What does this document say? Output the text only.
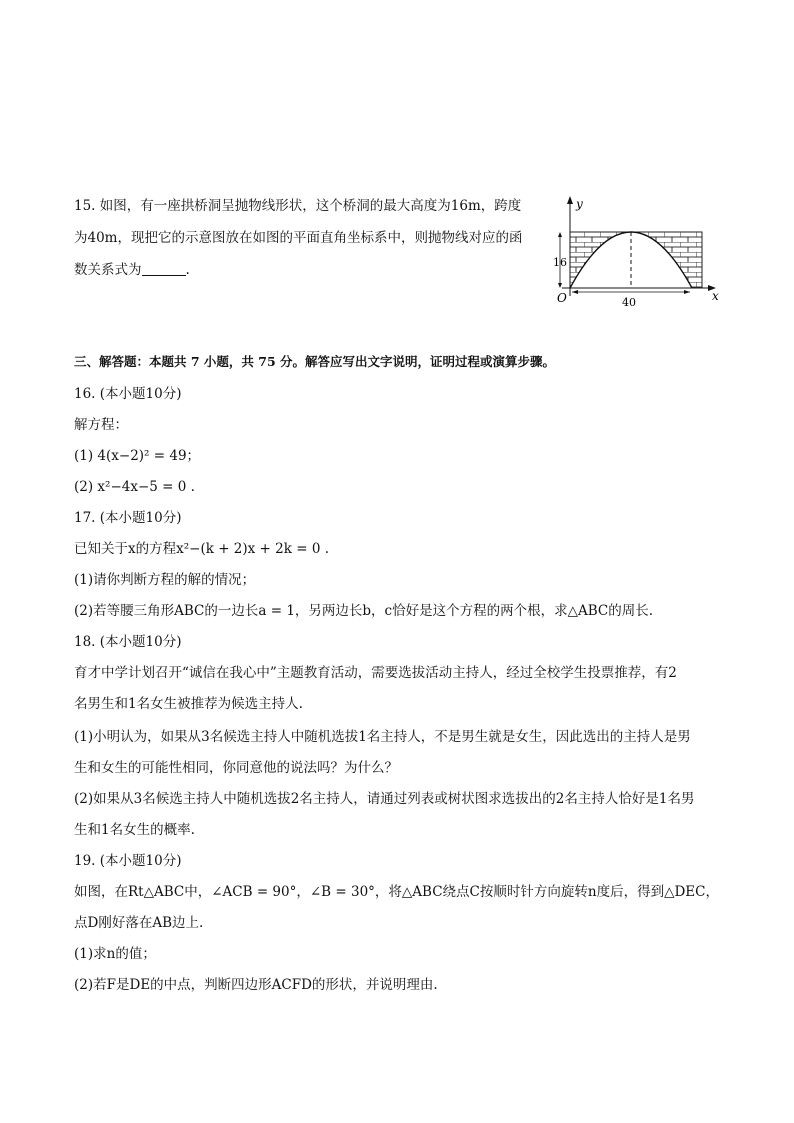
15. 如图，有一座拱桥洞呈抛物线形状，这个桥洞的最大高度为16m，跨度
为40m，现把它的示意图放在如图的平面直角坐标系中，则抛物线对应的函
数关系式为	.
y
x
O
16
40
三、解答题：本题共 7 小题，共 75 分。解答应写出文字说明，证明过程或演算步骤。
16. (本小题10分)
解方程：
(1) 4(x−2)² = 49；
(2) x²−4x−5 = 0 .
17. (本小题10分)
已知关于x的方程x²−(k + 2)x + 2k = 0 .
(1)请你判断方程的解的情况；
(2)若等腰三角形ABC的一边长a = 1，另两边长b，c恰好是这个方程的两个根，求△ABC的周长.
18. (本小题10分)
育才中学计划召开“诚信在我心中”主题教育活动，需要选拔活动主持人，经过全校学生投票推荐，有2
名男生和1名女生被推荐为候选主持人.
(1)小明认为，如果从3名候选主持人中随机选拔1名主持人，不是男生就是女生，因此选出的主持人是男
生和女生的可能性相同，你同意他的说法吗？为什么？
(2)如果从3名候选主持人中随机选拔2名主持人，请通过列表或树状图求选拔出的2名主持人恰好是1名男
生和1名女生的概率.
19. (本小题10分)
如图，在Rt△ABC中，∠ACB = 90°，∠B = 30°，将△ABC绕点C按顺时针方向旋转n度后，得到△DEC，
点D刚好落在AB边上.
(1)求n的值；
(2)若F是DE的中点，判断四边形ACFD的形状，并说明理由.
